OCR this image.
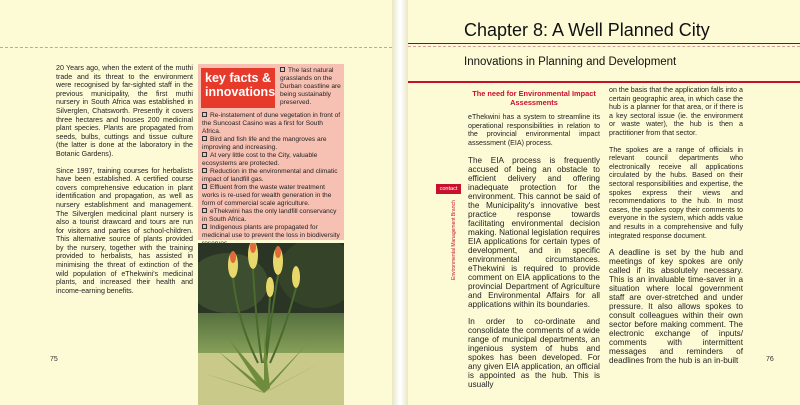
20 Years ago, when the extent of the muthi trade and its threat to the environment were recognised by far-sighted staff in the previous municipality, the first muthi nursery in South Africa was established in Silverglen, Chatsworth. Presently it covers three hectares and houses 200 medicinal plant species. Plants are propagated from seeds, bulbs, cuttings and tissue culture (the latter is done at the laboratory in the Botanic Gardens).

Since 1997, training courses for herbalists have been established. A certified course covers comprehensive education in plant identification and propagation, as well as nursery establishment and management. The Silverglen medicinal plant nursery is also a tourist drawcard and tours are run for visitors and parties of school-children. This alternative source of plants provided by the nursery, together with the training provided to herbalists, has assisted in minimising the threat of extinction of the wild population of eThekwini's medicinal plants, and increased their health and income-earning benefits.

key facts & innovations
The last natural grasslands on the Durban coastline are being sustainably preserved.

Re-instatement of dune vegetation in front of the Suncoast Casino was a first for South Africa.

Bird and fish life and the mangroves are improving and increasing.

At very little cost to the City, valuable ecosystems are protected.

Reduction in the environmental and climatic impact of landfill gas.

Effluent from the waste water treatment works is re-used for wealth generation in the form of commercial scale agriculture.

eThekwini has the only landfill conservancy in South Africa.

Indigenous plants are propagated for medicinal use to prevent the loss in biodiversity

75
Chapter 8: A Well Planned City
Innovations in Planning and Development
contact
Environmental Management Branch

The need for Environmental Impact Assessments

eThekwini has a system to streamline its operational responsibilities in relation to the provincial environmental impact assessment (EIA) process.

The EIA process is frequently accused of being an obstacle to efficient delivery and offering inadequate protection for the environment. This cannot be said of the Municipality's innovative best practice response towards facilitating environmental decision making. National legislation requires EIA applications for certain types of development, and in specific environmental circumstances. eThekwini is required to provide comment on EIA applications to the provincial Department of Agriculture and Environmental Affairs for all applications within its boundaries.

In order to co-ordinate and consolidate the comments of a wide range of municipal departments, an ingenious system of hubs and spokes has been developed. For any given EIA application, an official is appointed as the hub. This is usually

on the basis that the application falls into a certain geographic area, in which case the hub is a planner for that area, or if there is a key sectoral issue (ie. the environment or waste water), the hub is then a practitioner from that sector.

The spokes are a range of officials in relevant council departments who electronically receive all applications circulated by the hubs. Based on their sectoral responsibilities and expertise, the spokes express their views and recommendations to the hub. In most cases, the spokes copy their comments to everyone in the system, which adds value and results in a comprehensive and fully integrated response document.

A deadline is set by the hub and meetings of key spokes are only called if its absolutely necessary. This is an invaluable time-saver in a situation where local government staff are over-stretched and under pressure. It also allows spokes to consult colleagues within their own sector before making comment. The electronic exchange of inputs/ comments with intermittent messages and reminders of deadlines from the hub is an in-built	76
